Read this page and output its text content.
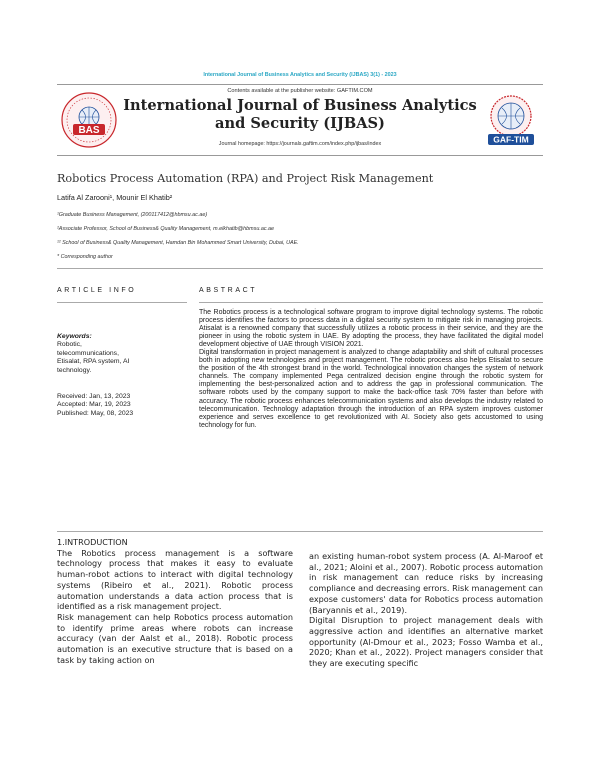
International Journal of Business Analytics and Security (IJBAS) 3(1) - 2023
Contents available at the publisher website: GAFTIM.COM
International Journal of Business Analytics and Security (IJBAS)
Journal homepage: https://journals.gaftim.com/index.php/ijbas/index
BAS
GAF-TIM
Robotics Process Automation (RPA) and Project Risk Management
Latifa Al Zarooni¹, Mounir El Khatib²
¹Graduate Business Management, (200117412@hbmsu.ac.ae)
²Associate Professor, School of Business& Quality Management, m.elkhatib@hbmsu.ac.ae
¹² School of Business& Quality Management, Hamdan Bin Mohammed Smart University, Dubai, UAE.
* Corresponding author
ARTICLE INFO
Keywords:
Robotic,
telecommunications,
Etisalat, RPA system, AI
technology.
Received: Jan, 13, 2023
Accepted: Mar, 19, 2023
Published: May, 08, 2023
ABSTRACT

The Robotics process is a technological software program to improve digital technology systems. The robotic process identifies the factors to process data in a digital security system to mitigate risk in managing projects. Atisalat is a renowned company that successfully utilizes a robotic process in their service, and they are the pioneer in using the robotic system in UAE. By adopting the process, they have facilitated the digital model development objective of UAE through VISION 2021.

Digital transformation in project management is analyzed to change adaptability and shift of cultural processes both in adopting new technologies and project management. The robotic process also helps Etisalat to secure the position of the 4th strongest brand in the world. Technological innovation changes the system of network channels. The company implemented Pega centralized decision engine through the robotic system for implementing the best-personalized action and to address the gap in professional communication. The software robots used by the company support to make the back-office task 70% faster than before with accuracy. The robotic process enhances telecommunication systems and also develops the industry related to telecommunication. Technology adaptation through the introduction of an RPA system improves customer experience and serves excellence to get revolutionized with AI. Society also gets accustomed to using technology for fun.

1.INTRODUCTION

The Robotics process management is a software technology process that makes it easy to evaluate human-robot actions to interact with digital technology systems (Ribeiro et al., 2021). Robotic process automation understands a data action process that is identified as a risk management project.

Risk management can help Robotics process automation to identify prime areas where robots can increase accuracy (van der Aalst et al., 2018). Robotic process automation is an executive structure that is based on a task by taking action on

an existing human-robot system process (A. Al-Maroof et al., 2021; Aloini et al., 2007). Robotic process automation in risk management can reduce risks by increasing compliance and decreasing errors. Risk management can expose customers' data for Robotics process automation (Baryannis et al., 2019).

Digital Disruption to project management deals with aggressive action and identifies an alternative market opportunity (Al-Dmour et al., 2023; Fosso Wamba et al., 2020; Khan et al., 2022). Project managers consider that they are executing specific
